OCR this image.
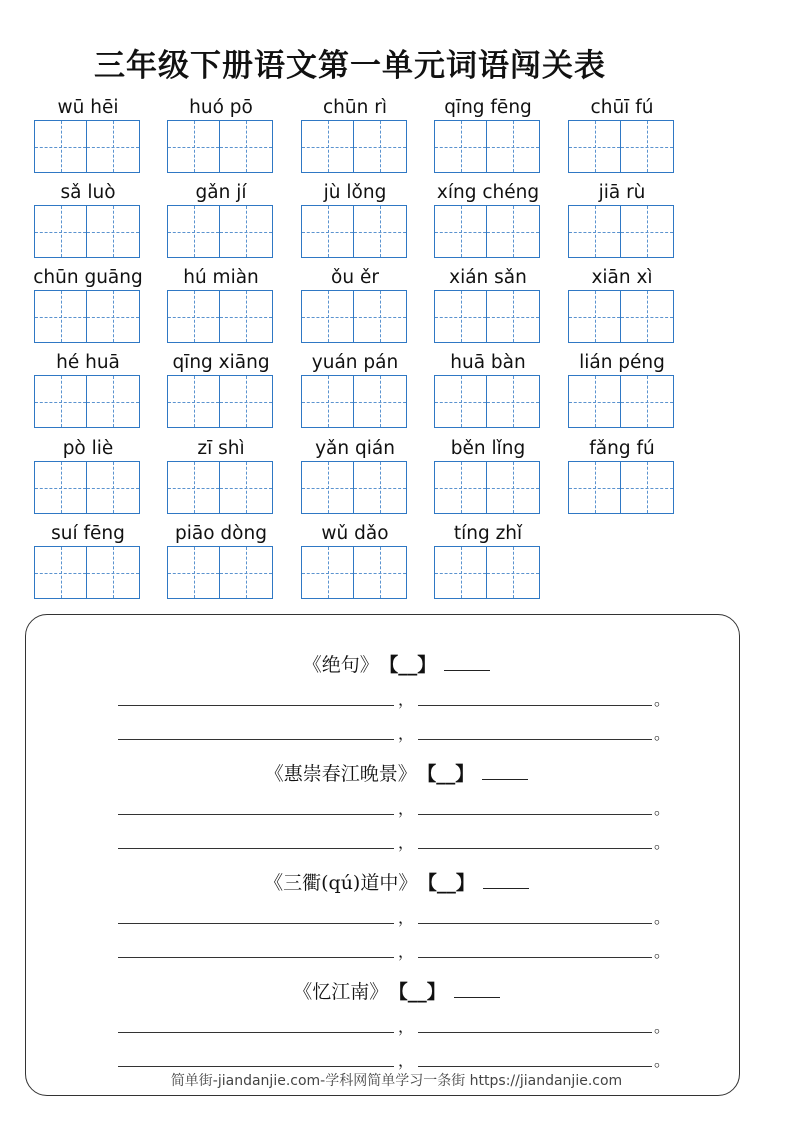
三年级下册语文第一单元词语闯关表
wū hēi	huó pō	chūn rì	qīng fēng	chūī fú
sǎ luò	gǎn jí	jù lǒng	xíng chéng	jiā rù
chūn guāng	hú miàn	ǒu ěr	xián sǎn	xiān xì
hé huā	qīng xiāng	yuán pán	huā bàn	lián péng
pò liè	zī shì	yǎn qián	běn lǐng	fǎng fú
suí fēng	piāo dòng	wǔ dǎo	tíng zhǐ
《绝句》 【__】
，	。
，	。
《惠崇春江晚景》 【__】
，	。
，	。
《三衢(qú)道中》 【__】
，	。
，	。
《忆江南》 【__】
，	。
，	。
简单街-jiandanjie.com-学科网简单学习一条街 https://jiandanjie.com
